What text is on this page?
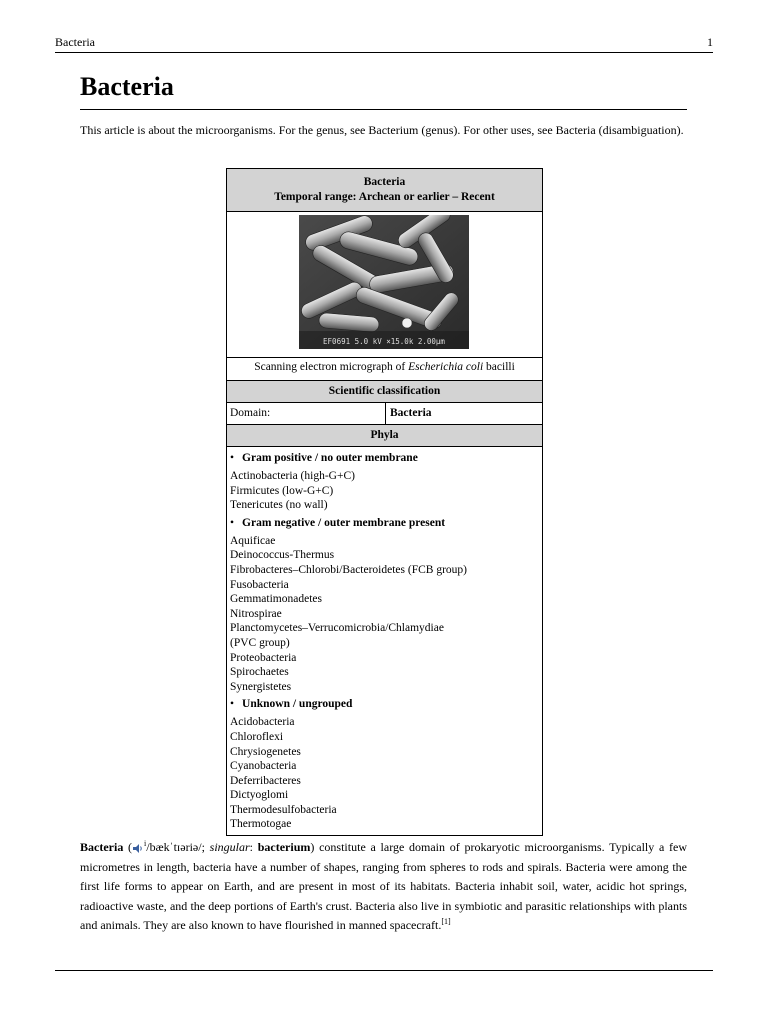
Bacteria	1
Bacteria
This article is about the microorganisms. For the genus, see Bacterium (genus). For other uses, see Bacteria (disambiguation).
Bacteria
Temporal range: Archean or earlier – Recent
EF0691 5.0 kV ×15.0k 2.00µm
Scanning electron micrograph of Escherichia coli bacilli
Scientific classification
Domain:	Bacteria
Phyla
• Gram positive / no outer membrane
Actinobacteria (high-G+C)
Firmicutes (low-G+C)
Tenericutes (no wall)
• Gram negative / outer membrane present
Aquificae
Deinococcus-Thermus
Fibrobacteres–Chlorobi/Bacteroidetes (FCB group)
Fusobacteria
Gemmatimonadetes
Nitrospirae
Planctomycetes–Verrucomicrobia/Chlamydiae
(PVC group)
Proteobacteria
Spirochaetes
Synergistetes
• Unknown / ungrouped
Acidobacteria
Chloroflexi
Chrysiogenetes
Cyanobacteria
Deferribacteres
Dictyoglomi
Thermodesulfobacteria
Thermotogae

Bacteria ( $^i$/bækˈtɪəriə/; singular: bacterium) constitute a large domain of prokaryotic microorganisms. Typically a few micrometres in length, bacteria have a number of shapes, ranging from spheres to rods and spirals. Bacteria were among the first life forms to appear on Earth, and are present in most of its habitats. Bacteria inhabit soil, water, acidic hot springs, radioactive waste, and the deep portions of Earth's crust. Bacteria also live in symbiotic and parasitic relationships with plants and animals. They are also known to have flourished in manned spacecraft.[1]
